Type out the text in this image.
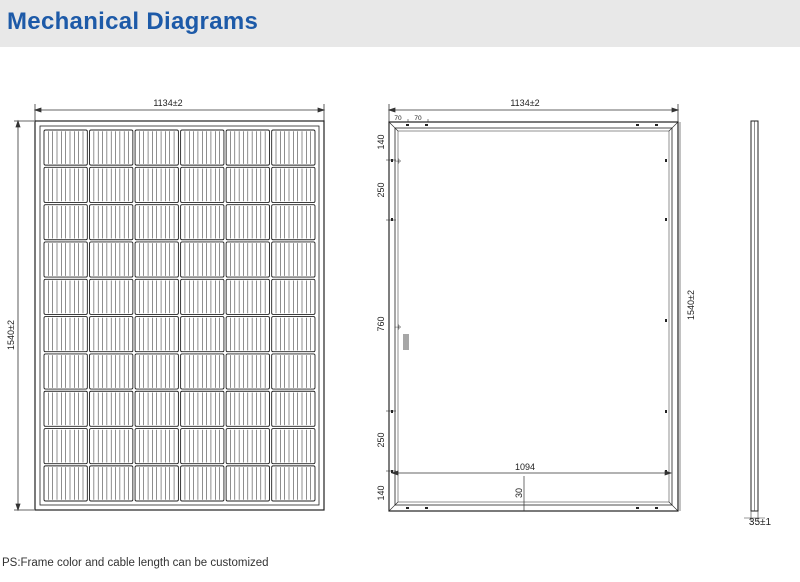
Mechanical Diagrams
1134±2
1540±2
1134±2
70 70
⏚
⏚
140
250
760
250
140
1094
30
1540±2
35±1
PS:Frame color and cable length can be customized
